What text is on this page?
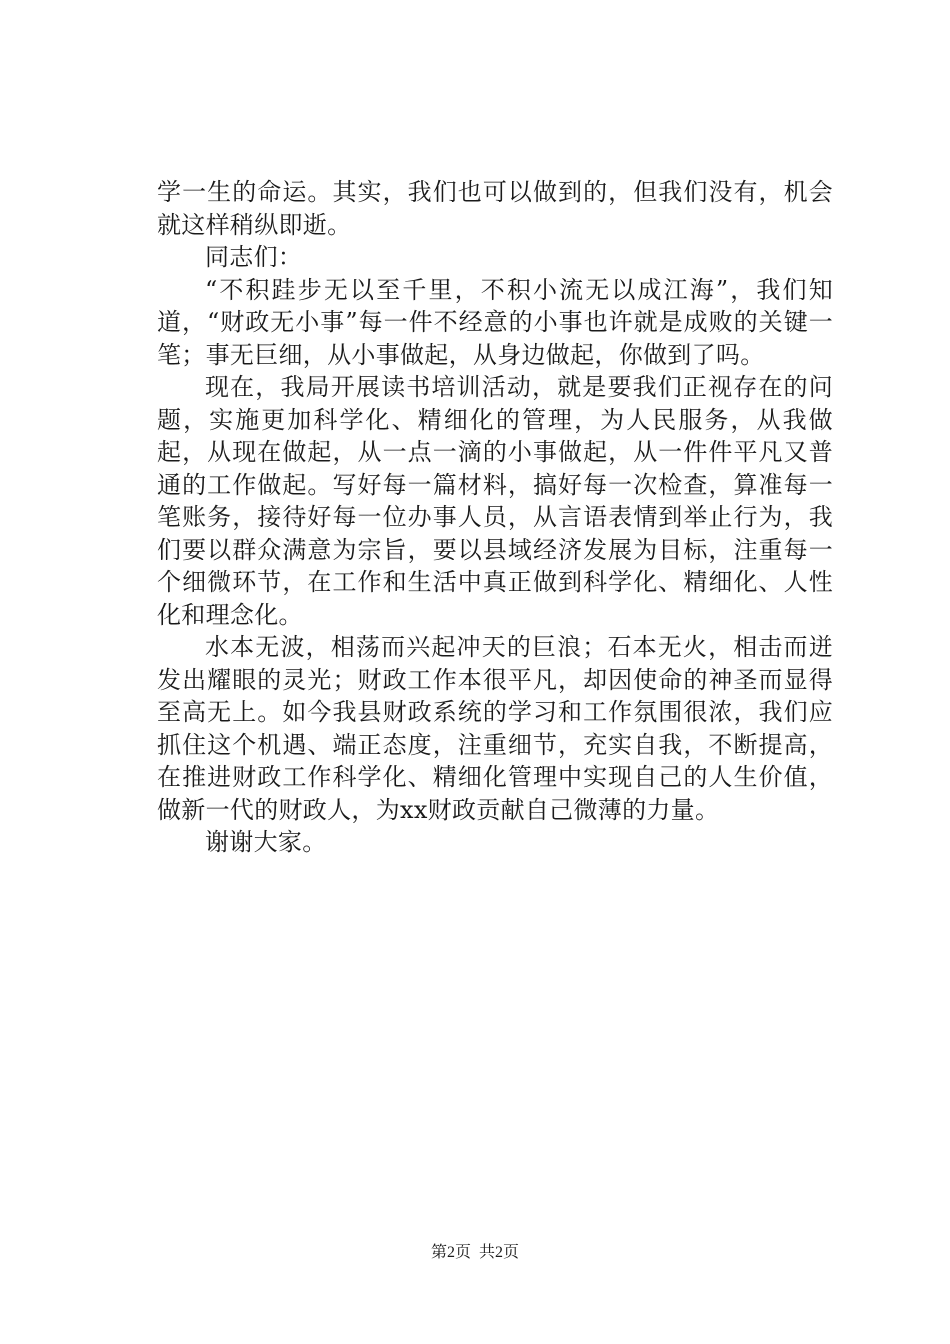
学一生的命运。其实，我们也可以做到的，但我们没有，机会就这样稍纵即逝。

同志们：

“不积跬步无以至千里，不积小流无以成江海”，我们知道，“财政无小事”每一件不经意的小事也许就是成败的关键一笔；事无巨细，从小事做起，从身边做起，你做到了吗。

现在，我局开展读书培训活动，就是要我们正视存在的问题，实施更加科学化、精细化的管理，为人民服务，从我做起，从现在做起，从一点一滴的小事做起，从一件件平凡又普通的工作做起。写好每一篇材料，搞好每一次检查，算准每一笔账务，接待好每一位办事人员，从言语表情到举止行为，我们要以群众满意为宗旨，要以县域经济发展为目标，注重每一个细微环节，在工作和生活中真正做到科学化、精细化、人性化和理念化。

水本无波，相荡而兴起冲天的巨浪；石本无火，相击而迸发出耀眼的灵光；财政工作本很平凡，却因使命的神圣而显得至高无上。如今我县财政系统的学习和工作氛围很浓，我们应抓住这个机遇、端正态度，注重细节，充实自我，不断提高，在推进财政工作科学化、精细化管理中实现自己的人生价值，做新一代的财政人，为xx财政贡献自己微薄的力量。

谢谢大家。

第2页 共2页
